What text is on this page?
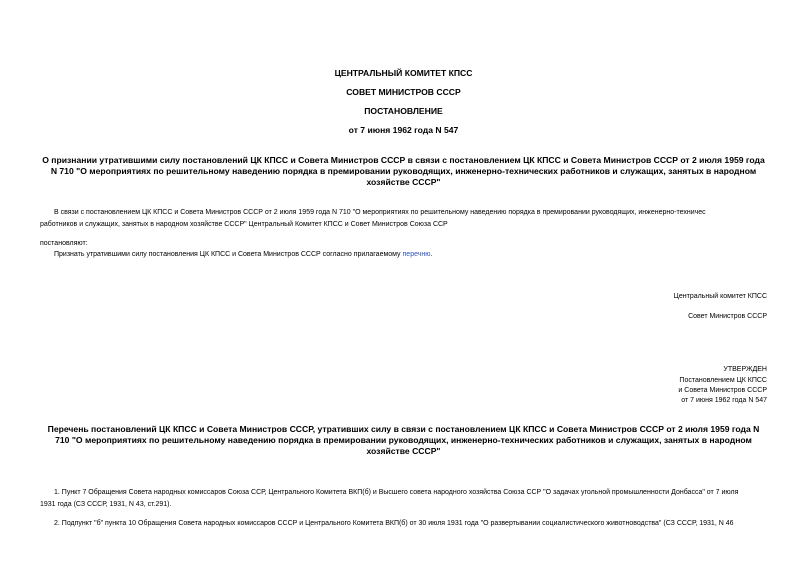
ЦЕНТРАЛЬНЫЙ КОМИТЕТ КПСС
СОВЕТ МИНИСТРОВ СССР
ПОСТАНОВЛЕНИЕ
от 7 июня 1962 года N 547
О признании утратившими силу постановлений ЦК КПСС и Совета Министров СССР в связи с постановлением ЦК КПСС и Совета Министров СССР от 2 июля 1959 года N 710 "О мероприятиях по решительному наведению порядка в премировании руководящих, инженерно-технических работников и служащих, занятых в народном хозяйстве СССР"
В связи с постановлением ЦК КПСС и Совета Министров СССР от 2 июля 1959 года N 710 "О мероприятиях по решительному наведению порядка в премировании руководящих, инженерно-техничес
работников и служащих, занятых в народном хозяйстве СССР" Центральный Комитет КПСС и Совет Министров Союза ССР
постановляют:
Признать утратившими силу постановления ЦК КПСС и Совета Министров СССР согласно прилагаемому перечню.
Центральный комитет КПСС
Совет Министров СССР
УТВЕРЖДЕН
Постановлением ЦК КПСС
и Совета Министров СССР
от 7 июня 1962 года N 547
Перечень постановлений ЦК КПСС и Совета Министров СССР, утративших силу в связи с постановлением ЦК КПСС и Совета Министров СССР от 2 июля 1959 года N 710 "О мероприятиях по решительному наведению порядка в премировании руководящих, инженерно-технических работников и служащих, занятых в народном хозяйстве СССР"
1. Пункт 7 Обращения Совета народных комиссаров Союза ССР, Центрального Комитета ВКП(б) и Высшего совета народного хозяйства Союза ССР "О задачах угольной промышленности Донбасса" от 7 июля
1931 года (СЗ СССР, 1931, N 43, ст.291).
2. Подпункт "б" пункта 10 Обращения Совета народных комиссаров СССР и Центрального Комитета ВКП(б) от 30 июля 1931 года "О развертывании социалистического животноводства" (СЗ СССР, 1931, N 46
